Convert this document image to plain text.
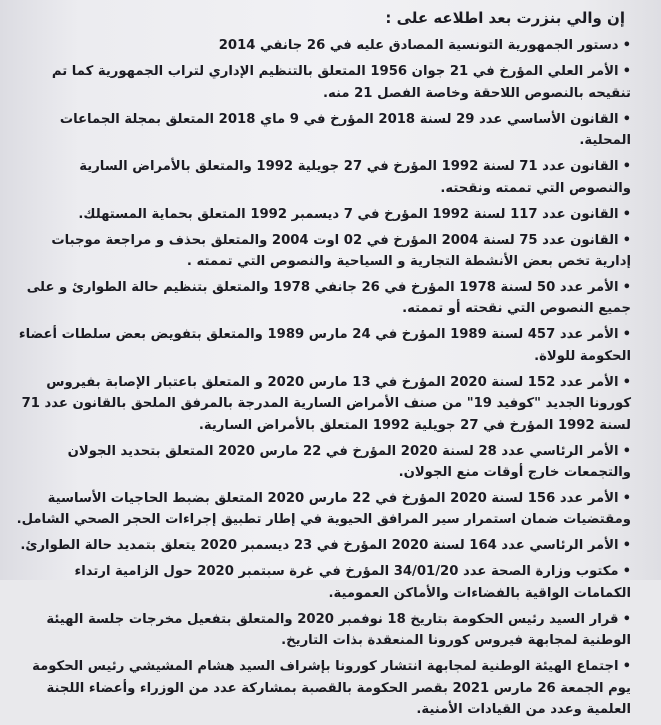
إن والي بنزرت بعد اطلاعه على :

•دستور الجمهورية التونسية المصادق عليه في 26 جانفي 2014

•الأمر العلي المؤرخ في 21 جوان 1956 المتعلق بالتنظيم الإداري لتراب الجمهورية كما تم تنقيحه بالنصوص اللاحقة وخاصة الفصل 21 منه.

•القانون الأساسي عدد 29 لسنة 2018 المؤرخ في 9 ماي 2018 المتعلق بمجلة الجماعات المحلية.

•القانون عدد 71 لسنة 1992 المؤرخ في 27 جويلية 1992 والمتعلق بالأمراض السارية والنصوص التي تممته ونقحته.

•القانون عدد 117 لسنة 1992 المؤرخ في 7 ديسمبر 1992 المتعلق بحماية المستهلك.

•القانون عدد 75 لسنة 2004 المؤرخ في 02 اوت 2004 والمتعلق بحذف و مراجعة موجبات إدارية تخص بعض الأنشطة التجارية و السياحية والنصوص التي تممته .

•الأمر عدد 50 لسنة 1978 المؤرخ في 26 جانفي 1978 والمتعلق بتنظيم حالة الطوارئ و على جميع النصوص التي نقحته أو تممته.

•الأمر عدد 457 لسنة 1989 المؤرخ في 24 مارس 1989 والمتعلق بتفويض بعض سلطات أعضاء الحكومة للولاة.

•الأمر عدد 152 لسنة 2020 المؤرخ في 13 مارس 2020 و المتعلق باعتبار الإصابة بفيروس كورونا الجديد "كوفيد 19" من صنف الأمراض السارية المدرجة بالمرفق الملحق بالقانون عدد 71 لسنة 1992 المؤرخ في 27 جويلية 1992 المتعلق بالأمراض السارية.

•الأمر الرئاسي عدد 28 لسنة 2020 المؤرخ في 22 مارس 2020 المتعلق بتحديد الجولان والتجمعات خارج أوقات منع الجولان.

•الأمر عدد 156 لسنة 2020 المؤرخ في 22 مارس 2020 المتعلق بضبط الحاجيات الأساسية ومقتضيات ضمان استمرار سير المرافق الحيوية في إطار تطبيق إجراءات الحجر الصحي الشامل.

•الأمر الرئاسي عدد 164 لسنة 2020 المؤرخ في 23 ديسمبر 2020 يتعلق بتمديد حالة الطوارئ.

•مكتوب وزارة الصحة عدد 34/01/20 المؤرخ في غرة سبتمبر 2020 حول الزامية ارتداء الكمامات الواقية بالفضاءات والأماكن العمومية.

•قرار السيد رئيس الحكومة بتاريخ 18 نوفمبر 2020 والمتعلق بتفعيل مخرجات جلسة الهيئة الوطنية لمجابهة فيروس كورونا المنعقدة بذات التاريخ.

•اجتماع الهيئة الوطنية لمجابهة انتشار كورونا بإشراف السيد هشام المشيشي رئيس الحكومة يوم الجمعة 26 مارس 2021 بقصر الحكومة بالقصبة بمشاركة عدد من الوزراء وأعضاء اللجنة العلمية وعدد من القيادات الأمنية.
